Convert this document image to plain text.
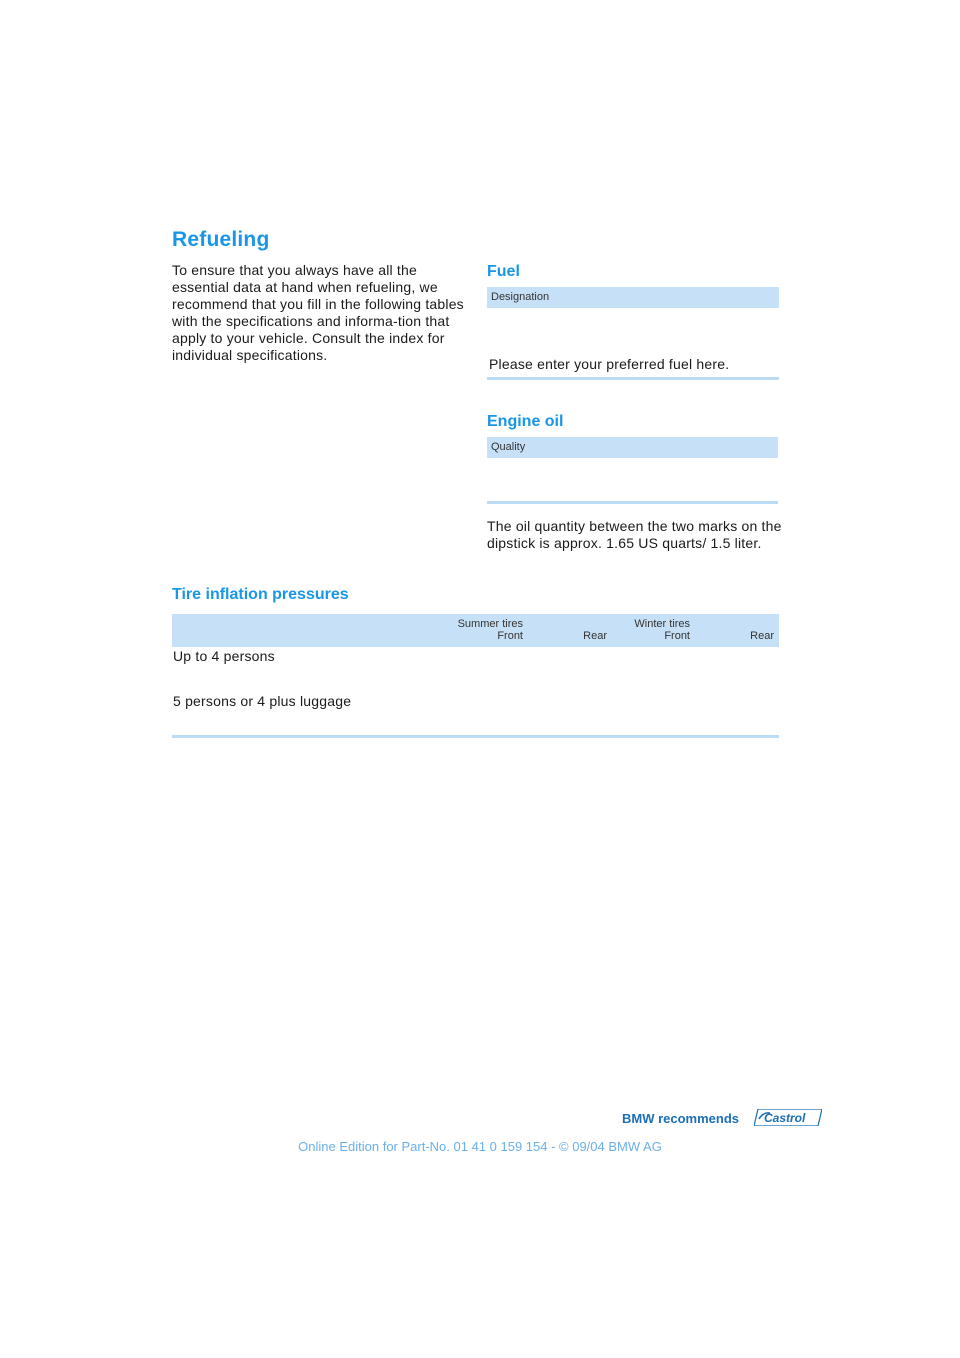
Refueling
To ensure that you always have all the essential data at hand when refueling, we recommend that you fill in the following tables with the specifications and informa-tion that apply to your vehicle. Consult the index for individual specifications.
Fuel
Designation
Please enter your preferred fuel here.
Engine oil
Quality
The oil quantity between the two marks on the dipstick is approx. 1.65 US quarts/ 1.5 liter.
Tire inflation pressures
Summer tires
Front	Rear
Winter tires
Front	Rear
Up to 4 persons
5 persons or 4 plus luggage
BMW recommends Castrol
Online Edition for Part-No. 01 41 0 159 154 - © 09/04 BMW AG
